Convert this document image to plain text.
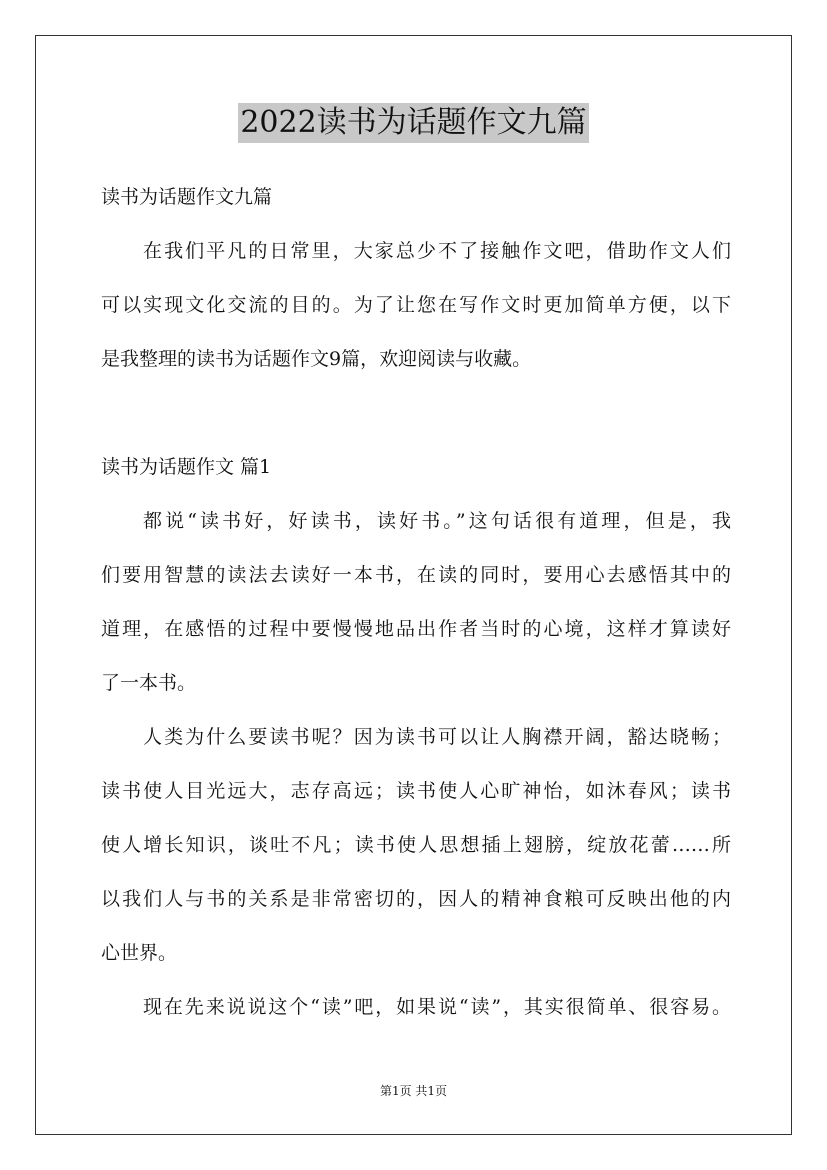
2022读书为话题作文九篇
读书为话题作文九篇
在我们平凡的日常里，大家总少不了接触作文吧，借助作文人们
可以实现文化交流的目的。为了让您在写作文时更加简单方便，以下
是我整理的读书为话题作文9篇，欢迎阅读与收藏。
读书为话题作文 篇1
都说“读书好，好读书，读好书。”这句话很有道理，但是，我
们要用智慧的读法去读好一本书，在读的同时，要用心去感悟其中的
道理，在感悟的过程中要慢慢地品出作者当时的心境，这样才算读好
了一本书。
人类为什么要读书呢？因为读书可以让人胸襟开阔，豁达晓畅；
读书使人目光远大，志存高远；读书使人心旷神怡，如沐春风；读书
使人增长知识，谈吐不凡；读书使人思想插上翅膀，绽放花蕾……所
以我们人与书的关系是非常密切的，因人的精神食粮可反映出他的内
心世界。
现在先来说说这个“读”吧，如果说“读”，其实很简单、很容易。
第1页 共1页
